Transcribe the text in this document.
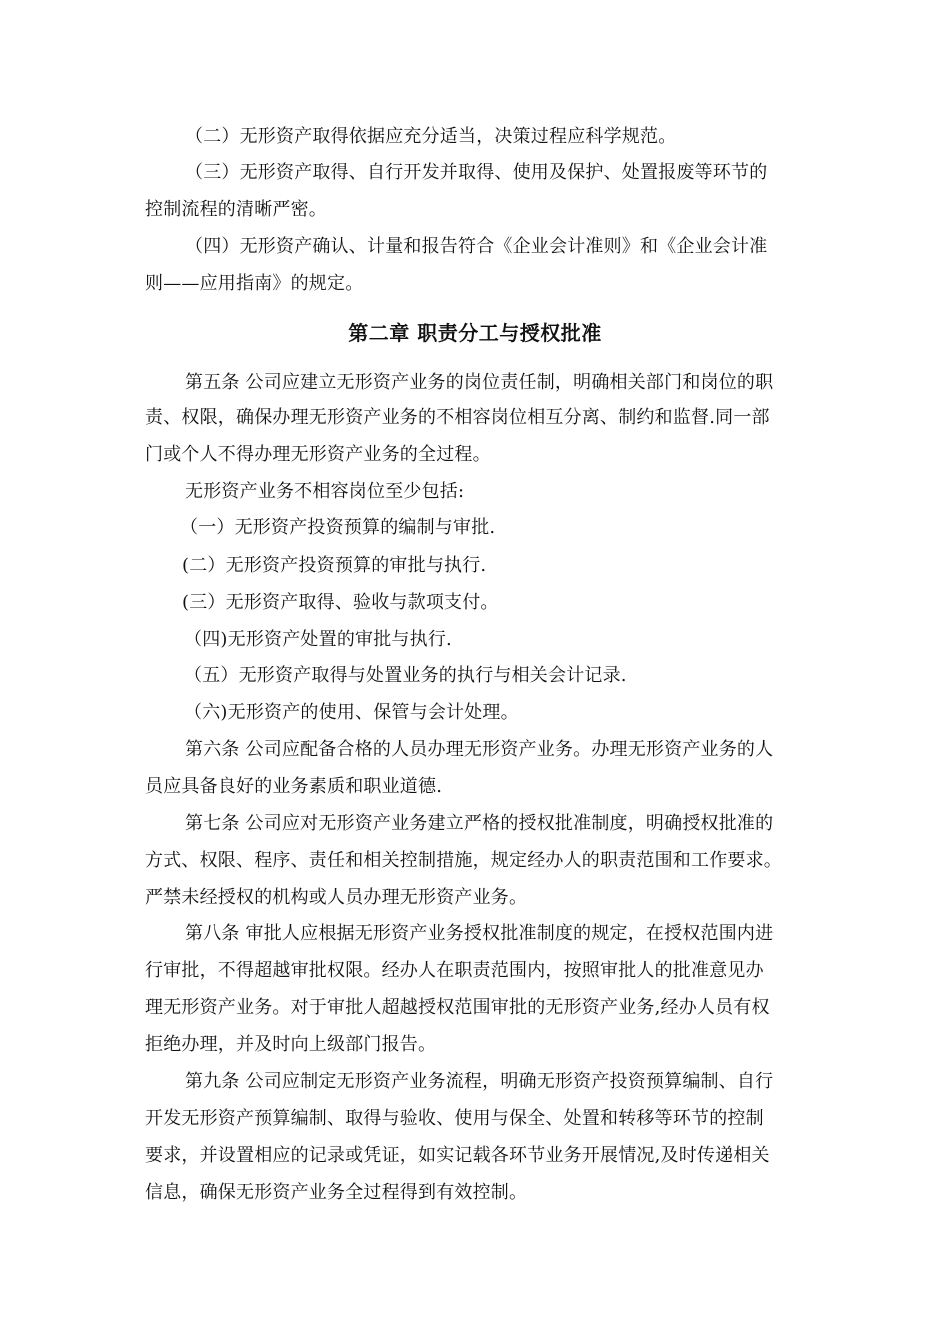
（二）无形资产取得依据应充分适当，决策过程应科学规范。
（三）无形资产取得、自行开发并取得、使用及保护、处置报废等环节的
控制流程的清晰严密。
（四）无形资产确认、计量和报告符合《企业会计准则》和《企业会计准
则——应用指南》的规定。
第二章 职责分工与授权批准
第五条 公司应建立无形资产业务的岗位责任制，明确相关部门和岗位的职
责、权限，确保办理无形资产业务的不相容岗位相互分离、制约和监督.同一部
门或个人不得办理无形资产业务的全过程。
无形资产业务不相容岗位至少包括:
（一）无形资产投资预算的编制与审批.
(二）无形资产投资预算的审批与执行.
(三）无形资产取得、验收与款项支付。
（四)无形资产处置的审批与执行.
（五）无形资产取得与处置业务的执行与相关会计记录.
（六)无形资产的使用、保管与会计处理。
第六条 公司应配备合格的人员办理无形资产业务。办理无形资产业务的人
员应具备良好的业务素质和职业道德.
第七条 公司应对无形资产业务建立严格的授权批准制度，明确授权批准的
方式、权限、程序、责任和相关控制措施，规定经办人的职责范围和工作要求。
严禁未经授权的机构或人员办理无形资产业务。
第八条 审批人应根据无形资产业务授权批准制度的规定，在授权范围内进
行审批，不得超越审批权限。经办人在职责范围内，按照审批人的批准意见办
理无形资产业务。对于审批人超越授权范围审批的无形资产业务,经办人员有权
拒绝办理，并及时向上级部门报告。
第九条 公司应制定无形资产业务流程，明确无形资产投资预算编制、自行
开发无形资产预算编制、取得与验收、使用与保全、处置和转移等环节的控制
要求，并设置相应的记录或凭证，如实记载各环节业务开展情况,及时传递相关
信息，确保无形资产业务全过程得到有效控制。
